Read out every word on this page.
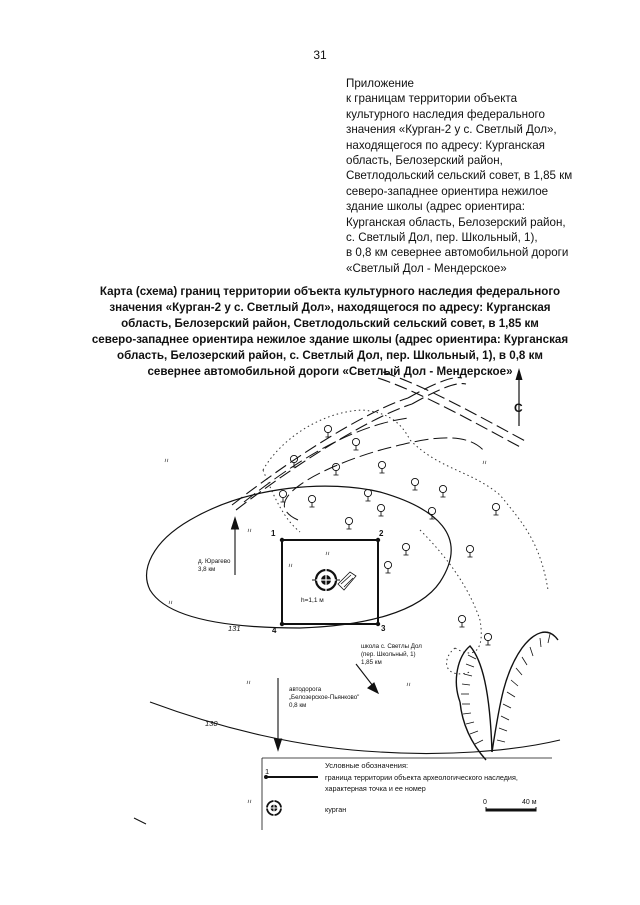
31
Приложение
к границам территории объекта
культурного наследия федерального
значения «Курган-2 у с. Светлый Дол»,
находящегося по адресу: Курганская
область, Белозерский район,
Светлодольский сельский совет, в 1,85 км
северо-западнее ориентира нежилое
здание школы (адрес ориентира:
Курганская область, Белозерский район,
с. Светлый Дол, пер. Школьный, 1),
в 0,8 км севернее автомобильной дороги
«Светлый Дол - Мендерское»
Карта (схема) границ территории объекта культурного наследия федерального
значения «Курган-2 у с. Светлый Дол», находящегося по адресу: Курганская
область, Белозерский район, Светлодольский сельский совет, в 1,85 км
северо-западнее ориентира нежилое здание школы (адрес ориентира: Курганская
область, Белозерский район, с. Светлый Дол, пер. Школьный, 1), в 0,8 км
севернее автомобильной дороги «Светлый Дол - Мендерское»
131
130
1	2
3
4
h=1,1 м
С
д. Юрагево
3,8 км
школа с. Светлы Дол
(пер. Школьный, 1)
1,85 км
автодорога
„Белозерское-Пьянково"
0,8 км
Условные обозначения:
1
граница территории объекта археологического наследия,
характерная точка и ее номер
курган
0	40 м
